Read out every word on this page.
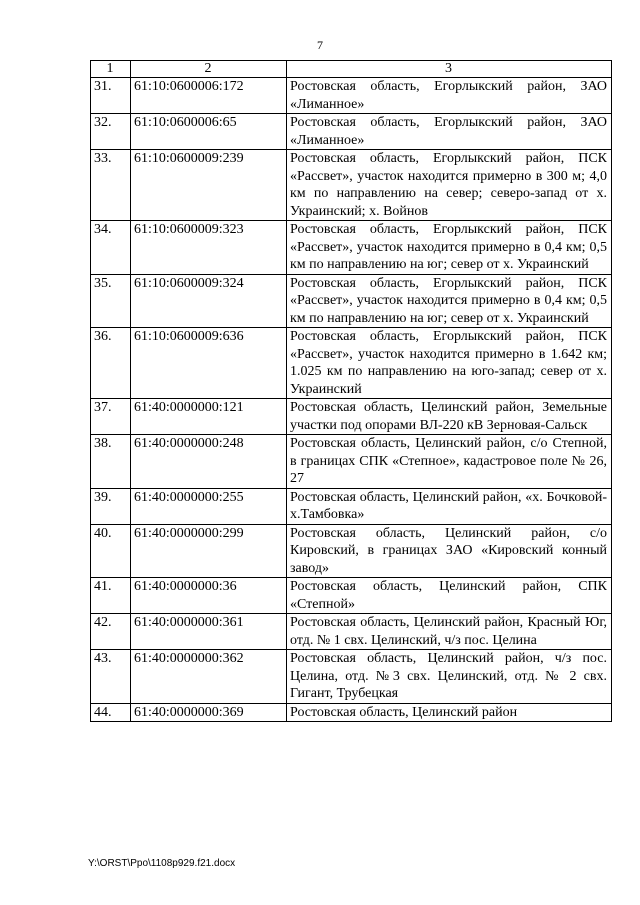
7
1	2	3
31.	61:10:0600006:172	Ростовская область, Егорлыкский район, ЗАО «Лиманное»
32.	61:10:0600006:65	Ростовская область, Егорлыкский район, ЗАО «Лиманное»
33.	61:10:0600009:239	Ростовская область, Егорлыкский район, ПСК «Рассвет», участок находится примерно в 300 м; 4,0 км по направлению на север; северо-запад от х. Украинский; х. Войнов
34.	61:10:0600009:323	Ростовская область, Егорлыкский район, ПСК «Рассвет», участок находится примерно в 0,4 км; 0,5 км по направлению на юг; север от х. Украинский
35.	61:10:0600009:324	Ростовская область, Егорлыкский район, ПСК «Рассвет», участок находится примерно в 0,4 км; 0,5 км по направлению на юг; север от х. Украинский
36.	61:10:0600009:636	Ростовская область, Егорлыкский район, ПСК «Рассвет», участок находится примерно в 1.642 км; 1.025 км по направлению на юго-запад; север от х. Украинский
37.	61:40:0000000:121	Ростовская область, Целинский район, Земельные участки под опорами ВЛ-220 кВ Зерновая-Сальск
38.	61:40:0000000:248	Ростовская область, Целинский район, с/о Степной, в границах СПК «Степное», кадастровое поле № 26, 27
39.	61:40:0000000:255	Ростовская область, Целинский район, «х. Бочковой-х.Тамбовка»
40.	61:40:0000000:299	Ростовская область, Целинский район, с/о Кировский, в границах ЗАО «Кировский конный завод»
41.	61:40:0000000:36	Ростовская область, Целинский район, СПК «Степной»
42.	61:40:0000000:361	Ростовская область, Целинский район, Красный Юг, отд. № 1 свх. Целинский, ч/з пос. Целина
43.	61:40:0000000:362	Ростовская область, Целинский район, ч/з пос. Целина, отд. №3 свх. Целинский, отд. № 2 свх. Гигант, Трубецкая
44.	61:40:0000000:369	Ростовская область, Целинский район
Y:\ORST\Ppo\1108p929.f21.docx
